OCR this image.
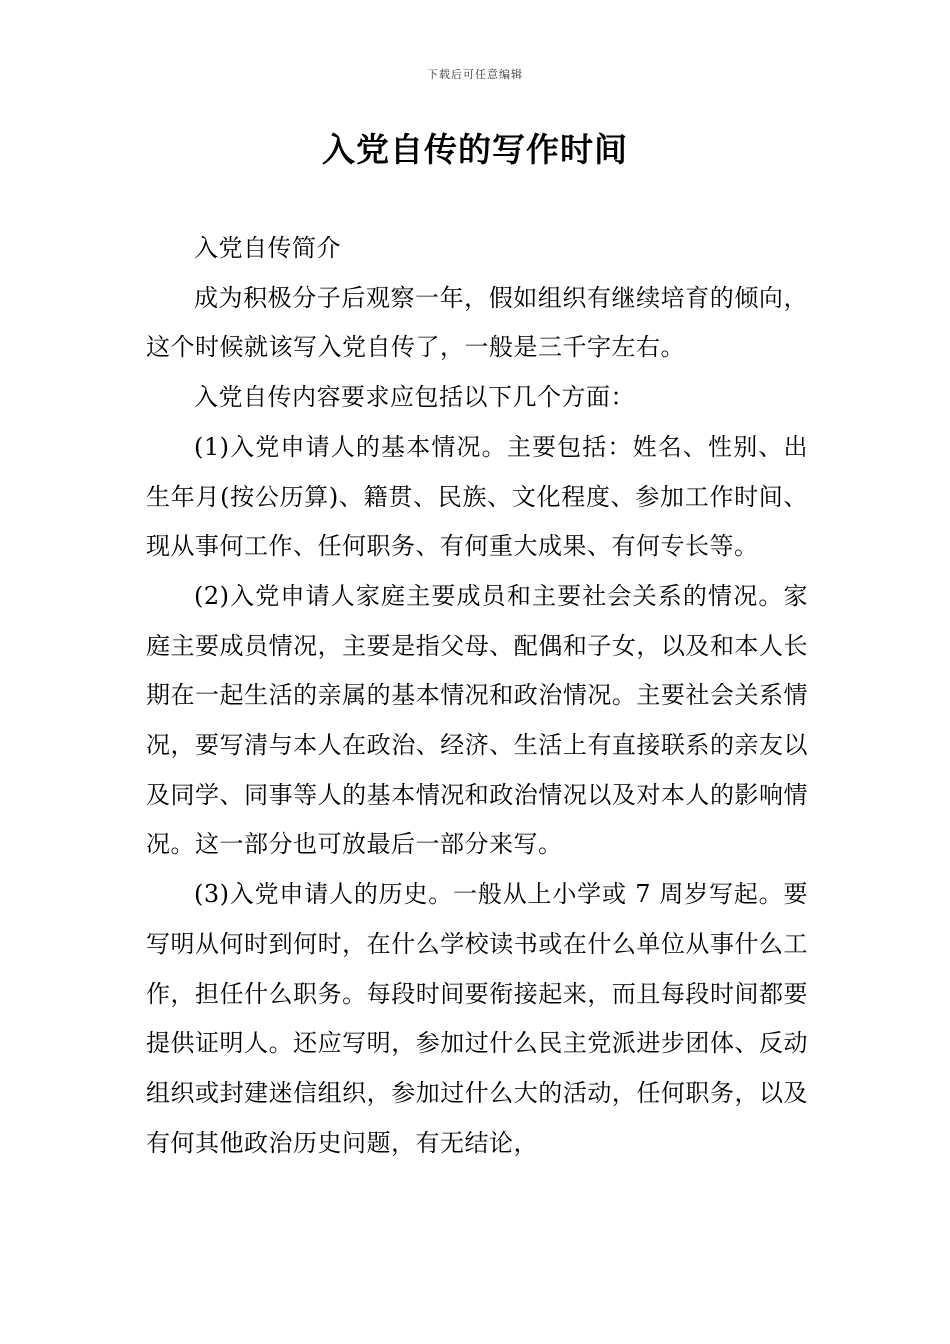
下载后可任意编辑
入党自传的写作时间

入党自传简介

成为积极分子后观察一年，假如组织有继续培育的倾向，这个时候就该写入党自传了，一般是三千字左右。

入党自传内容要求应包括以下几个方面：

(1)入党申请人的基本情况。主要包括：姓名、性别、出生年月(按公历算)、籍贯、民族、文化程度、参加工作时间、现从事何工作、任何职务、有何重大成果、有何专长等。

(2)入党申请人家庭主要成员和主要社会关系的情况。家庭主要成员情况，主要是指父母、配偶和子女，以及和本人长期在一起生活的亲属的基本情况和政治情况。主要社会关系情况，要写清与本人在政治、经济、生活上有直接联系的亲友以及同学、同事等人的基本情况和政治情况以及对本人的影响情况。这一部分也可放最后一部分来写。

(3)入党申请人的历史。一般从上小学或 7 周岁写起。要写明从何时到何时，在什么学校读书或在什么单位从事什么工作，担任什么职务。每段时间要衔接起来，而且每段时间都要提供证明人。还应写明，参加过什么民主党派进步团体、反动组织或封建迷信组织，参加过什么大的活动，任何职务，以及有何其他政治历史问题，有无结论，
